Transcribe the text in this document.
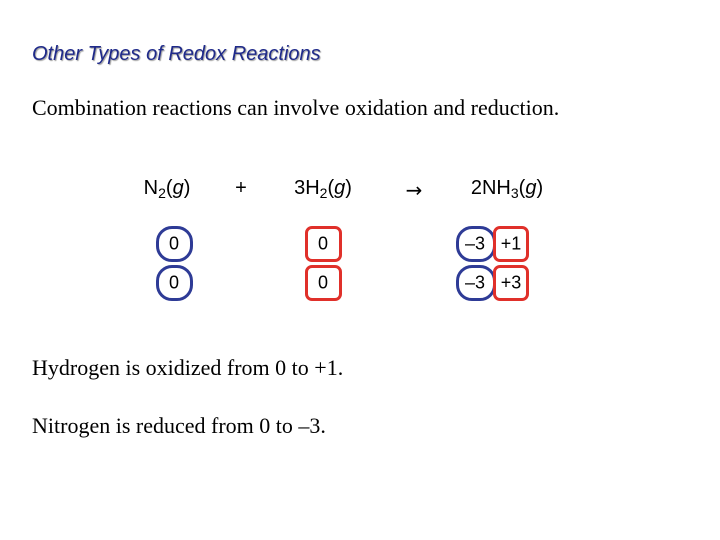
Other Types of Redox Reactions
Combination reactions can involve oxidation and reduction.
$N_2(g) + 3H_2(g)$	→ $2NH_3(g)$
0	0	–3 +1
0	0	–3 +3
Hydrogen is oxidized from 0 to +1.
Nitrogen is reduced from 0 to –3.
